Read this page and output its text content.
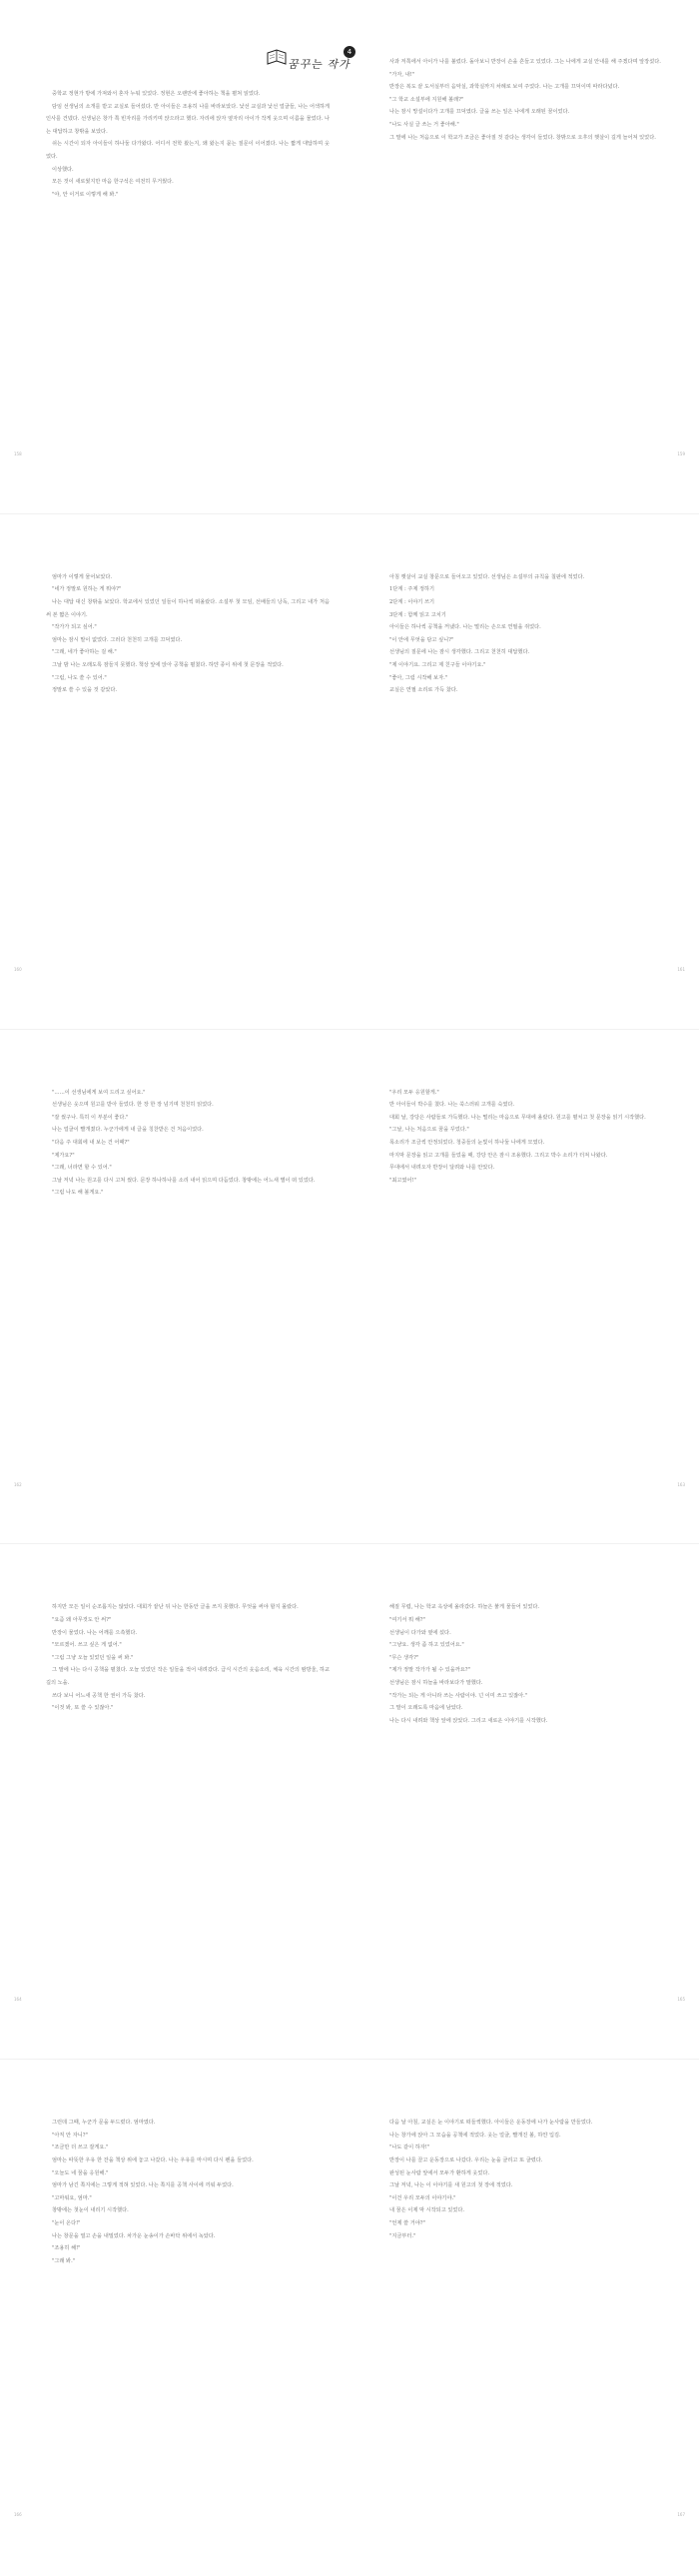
꿈꾸는 작가
4

중학교 정현가 방에 가져와서 혼자 누워 있었다. 정현은 오랜만에 좋아하는 책을 펼쳐 읽었다.

담임 선생님의 소개를 받고 교실로 들어섰다. 반 아이들은 조용히 나를 바라보았다. 낯선 교실과 낯선 얼굴들, 나는 어색하게 인사를 건넸다. 선생님은 창가 쪽 빈자리를 가리키며 앉으라고 했다. 자리에 앉자 옆자리 아이가 작게 웃으며 이름을 물었다. 나는 대답하고 창밖을 보았다.

쉬는 시간이 되자 아이들이 하나둘 다가왔다. 어디서 전학 왔는지, 왜 왔는지 묻는 질문이 이어졌다. 나는 짧게 대답하며 웃었다.

이상했다.

모든 것이 새로웠지만 마음 한구석은 여전히 무거웠다.

"야, 안 이거로 이렇게 해 봐."

158

사과 저쪽에서 아이가 나를 불렀다. 돌아보니 반장이 손을 흔들고 있었다. 그는 나에게 교실 안내를 해 주겠다며 앞장섰다.

"가자, 내!"

반장은 복도 끝 도서실부터 음악실, 과학실까지 차례로 보여 주었다. 나는 고개를 끄덕이며 따라다녔다.

"그 학교 소설부에 지원해 볼래?"

나는 잠시 망설이다가 고개를 끄덕였다. 글을 쓰는 일은 나에게 오래된 꿈이었다.

"나도 사실 글 쓰는 거 좋아해."

그 말에 나는 처음으로 이 학교가 조금은 좋아질 것 같다는 생각이 들었다. 창밖으로 오후의 햇살이 길게 늘어져 있었다.

159

엄마가 이렇게 물어보았다.

"네가 정말로 원하는 게 뭐야?"

나는 대답 대신 창밖을 보았다. 학교에서 있었던 일들이 하나씩 떠올랐다. 소설부 첫 모임, 선배들의 낭독, 그리고 내가 처음 써 본 짧은 이야기.

"작가가 되고 싶어."

엄마는 잠시 말이 없었다. 그러다 천천히 고개를 끄덕였다.

"그래, 네가 좋아하는 걸 해."

그날 밤 나는 오래도록 잠들지 못했다. 책상 앞에 앉아 공책을 펼쳤다. 하얀 종이 위에 첫 문장을 적었다.

"그럼, 나도 쓸 수 있어."

정말로 쓸 수 있을 것 같았다.

160

아침 햇살이 교실 창문으로 들어오고 있었다. 선생님은 소설부의 규칙을 칠판에 적었다.

1단계 : 주제 정하기

2단계 : 이야기 쓰기

3단계 : 함께 읽고 고치기

아이들은 하나씩 공책을 꺼냈다. 나는 떨리는 손으로 연필을 쥐었다.

"이 안에 무엇을 담고 싶니?"

선생님의 질문에 나는 잠시 생각했다. 그리고 천천히 대답했다.

"제 이야기요. 그리고 제 친구들 이야기요."

"좋아, 그럼 시작해 보자."

교실은 연필 소리로 가득 찼다.

161

"……이 선생님에게 보여 드리고 싶어요."

선생님은 웃으며 원고를 받아 들었다. 한 장 한 장 넘기며 천천히 읽었다.

"잘 썼구나. 특히 이 부분이 좋다."

나는 얼굴이 빨개졌다. 누군가에게 내 글을 칭찬받은 건 처음이었다.

"다음 주 대회에 내 보는 건 어때?"

"제가요?"

"그래, 너라면 할 수 있어."

그날 저녁 나는 원고를 다시 고쳐 썼다. 문장 하나하나를 소리 내어 읽으며 다듬었다. 창밖에는 어느새 별이 떠 있었다.

"그럼 나도 해 볼게요."

162

"우리 모두 응원할게."

반 아이들이 박수를 쳤다. 나는 쑥스러워 고개를 숙였다.

대회 날, 강당은 사람들로 가득했다. 나는 떨리는 마음으로 무대에 올랐다. 원고를 펼치고 첫 문장을 읽기 시작했다.

"그날, 나는 처음으로 꿈을 꾸었다."

목소리가 조금씩 안정되었다. 청중들의 눈빛이 하나둘 나에게 모였다.

마지막 문장을 읽고 고개를 들었을 때, 강당 안은 잠시 조용했다. 그리고 박수 소리가 터져 나왔다.

무대에서 내려오자 반장이 달려와 나를 안았다.

"최고였어!"

163

하지만 모든 일이 순조롭지는 않았다. 대회가 끝난 뒤 나는 한동안 글을 쓰지 못했다. 무엇을 써야 할지 몰랐다.

"요즘 왜 아무것도 안 써?"

반장이 물었다. 나는 어깨를 으쓱했다.

"모르겠어. 쓰고 싶은 게 없어."

"그럼 그냥 오늘 있었던 일을 써 봐."

그 말에 나는 다시 공책을 펼쳤다. 오늘 있었던 작은 일들을 적어 내려갔다. 급식 시간의 웃음소리, 체육 시간의 땀방울, 하교길의 노을.

쓰다 보니 어느새 공책 한 권이 가득 찼다.

"이것 봐, 또 쓸 수 있잖아."

164

해질 무렵, 나는 학교 옥상에 올라갔다. 하늘은 붉게 물들어 있었다.

"여기서 뭐 해?"

선생님이 다가와 옆에 섰다.

"그냥요. 생각 좀 하고 있었어요."

"무슨 생각?"

"제가 정말 작가가 될 수 있을까요?"

선생님은 잠시 하늘을 바라보다가 말했다.

"작가는 되는 게 아니라 쓰는 사람이야. 넌 이미 쓰고 있잖아."

그 말이 오래도록 마음에 남았다.

나는 다시 내려와 책상 앞에 앉았다. 그리고 새로운 이야기를 시작했다.

165

그런데 그때, 누군가 문을 두드렸다. 엄마였다.

"아직 안 자니?"

"조금만 더 쓰고 잘게요."

엄마는 따뜻한 우유 한 잔을 책상 위에 놓고 나갔다. 나는 우유를 마시며 다시 펜을 들었다.

"오늘도 네 꿈을 응원해."

엄마가 남긴 쪽지에는 그렇게 적혀 있었다. 나는 쪽지를 공책 사이에 끼워 두었다.

"고마워요, 엄마."

창밖에는 첫눈이 내리기 시작했다.

"눈이 온다!"

나는 창문을 열고 손을 내밀었다. 차가운 눈송이가 손바닥 위에서 녹았다.

"조용히 해!"

"그래 봐."

166

다음 날 아침, 교실은 눈 이야기로 떠들썩했다. 아이들은 운동장에 나가 눈사람을 만들었다.

나는 창가에 앉아 그 모습을 공책에 적었다. 웃는 얼굴, 빨개진 볼, 하얀 입김.

"나도 같이 하자!"

반장이 나를 끌고 운동장으로 나갔다. 우리는 눈을 굴리고 또 굴렸다.

완성된 눈사람 앞에서 모두가 환하게 웃었다.

그날 저녁, 나는 이 이야기를 새 원고의 첫 장에 적었다.

"이건 우리 모두의 이야기야."

내 꿈은 이제 막 시작되고 있었다.

"언제 쓸 거야?"

"지금부터."

167
